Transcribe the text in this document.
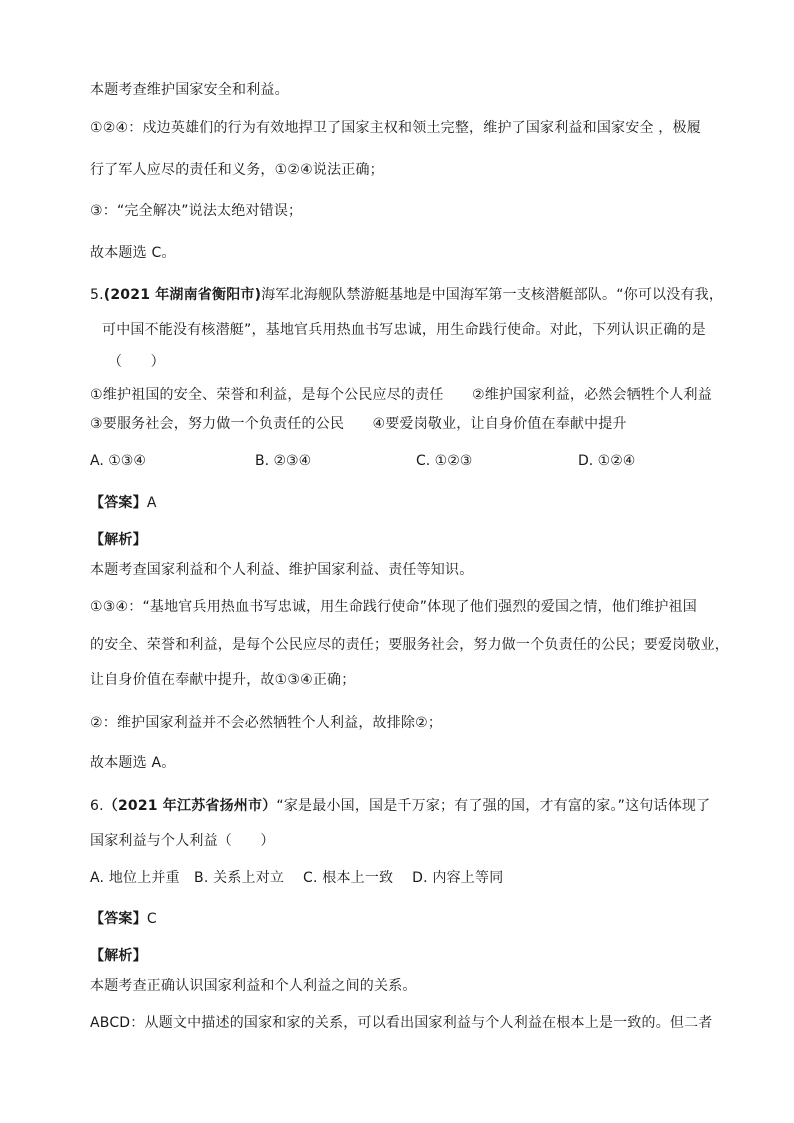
本题考查维护国家安全和利益。
①②④：戍边英雄们的行为有效地捍卫了国家主权和领土完整，维护了国家利益和国家安全 ，极履
行了军人应尽的责任和义务，①②④说法正确；
③：“完全解决”说法太绝对错误；
故本题选 C。
5.(2021 年湖南省衡阳市)海军北海舰队禁游艇基地是中国海军第一支核潜艇部队。“你可以没有我，
可中国不能没有核潜艇”，基地官兵用热血书写忠诚，用生命践行使命。对此，下列认识正确的是
（　　）
①维护祖国的安全、荣誉和利益，是每个公民应尽的责任　　②维护国家利益，必然会牺牲个人利益
③要服务社会，努力做一个负责任的公民　　④要爱岗敬业，让自身价值在奉献中提升
A. ①③④	B. ②③④	C. ①②③	D. ①②④
【答案】A
【解析】
本题考查国家利益和个人利益、维护国家利益、责任等知识。
①③④：“基地官兵用热血书写忠诚，用生命践行使命”体现了他们强烈的爱国之情，他们维护祖国
的安全、荣誉和利益，是每个公民应尽的责任；要服务社会，努力做一个负责任的公民；要爱岗敬业，
让自身价值在奉献中提升，故①③④正确；
②：维护国家利益并不会必然牺牲个人利益，故排除②；
故本题选 A。
6.（2021 年江苏省扬州市）“家是最小国，国是千万家；有了强的国，才有富的家。”这句话体现了
国家利益与个人利益（　　）
A. 地位上并重　B. 关系上对立　 C. 根本上一致　 D. 内容上等同
【答案】C
【解析】
本题考查正确认识国家利益和个人利益之间的关系。
ABCD：从题文中描述的国家和家的关系，可以看出国家利益与个人利益在根本上是一致的。但二者
